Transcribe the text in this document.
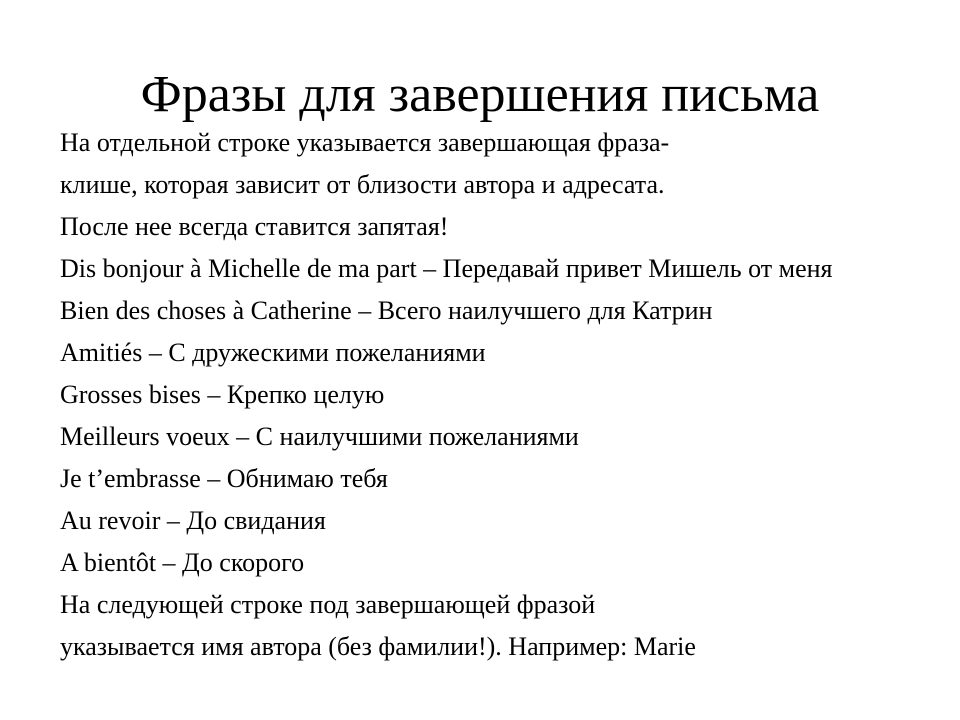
Фразы для завершения письма

На отдельной строке указывается завершающая фраза-

клише, которая зависит от близости автора и адресата.

После нее всегда ставится запятая!

Dis bonjour à Michelle de ma part – Передавай привет Мишель от меня

Bien des choses à Catherine – Всего наилучшего для Катрин

Amitiés – С дружескими пожеланиями

Grosses bises – Крепко целую

Meilleurs voeux – С наилучшими пожеланиями

Je t’embrasse – Обнимаю тебя

Au revoir – До свидания

A bientôt – До скорого

На следующей строке под завершающей фразой

указывается имя автора (без фамилии!). Например: Marie
